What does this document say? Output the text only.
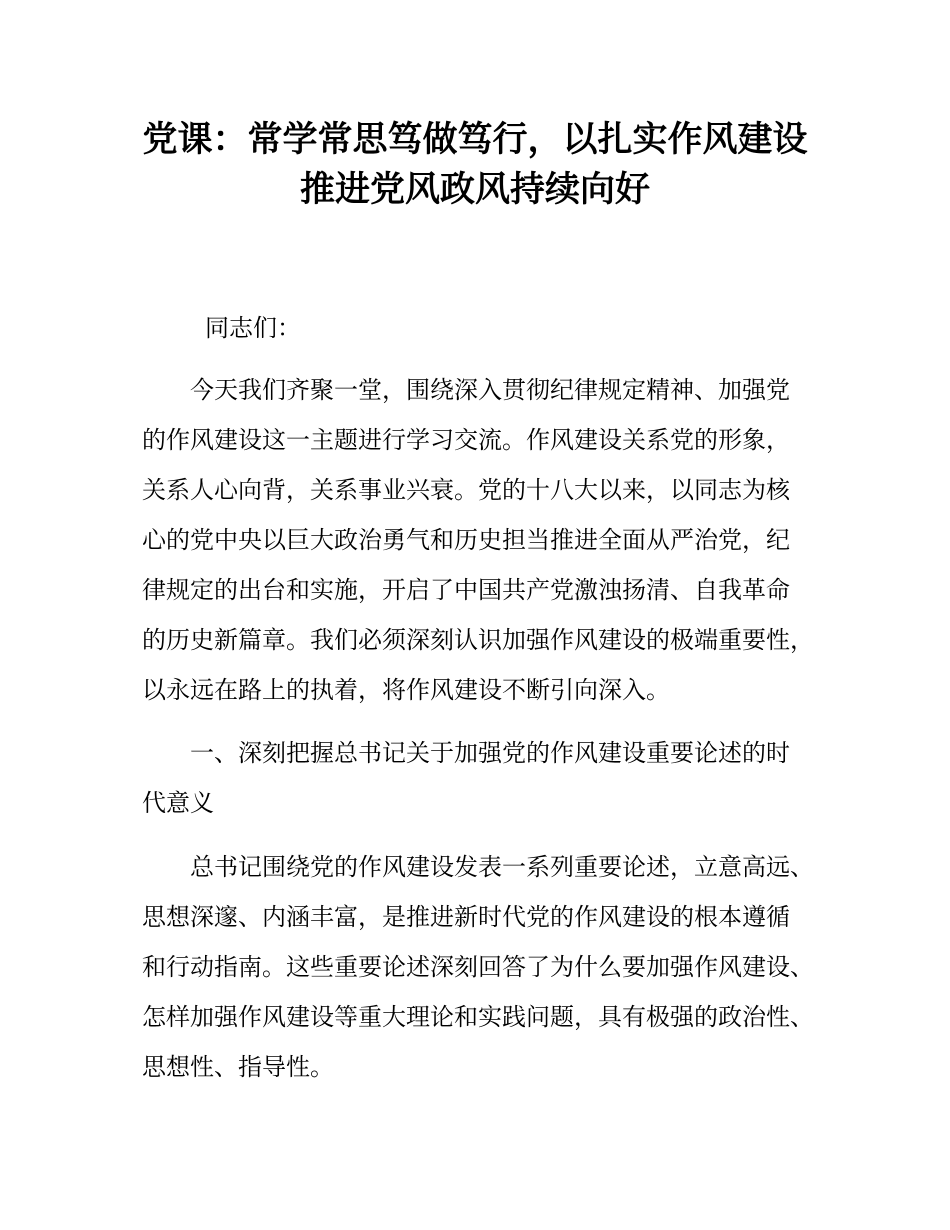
党课：常学常思笃做笃行，以扎实作风建设
推进党风政风持续向好

同志们：

今天我们齐聚一堂，围绕深入贯彻纪律规定精神、加强党

的作风建设这一主题进行学习交流。作风建设关系党的形象，

关系人心向背，关系事业兴衰。党的十八大以来，以同志为核

心的党中央以巨大政治勇气和历史担当推进全面从严治党，纪

律规定的出台和实施，开启了中国共产党激浊扬清、自我革命

的历史新篇章。我们必须深刻认识加强作风建设的极端重要性，

以永远在路上的执着，将作风建设不断引向深入。

一、深刻把握总书记关于加强党的作风建设重要论述的时

代意义

总书记围绕党的作风建设发表一系列重要论述，立意高远、

思想深邃、内涵丰富，是推进新时代党的作风建设的根本遵循

和行动指南。这些重要论述深刻回答了为什么要加强作风建设、

怎样加强作风建设等重大理论和实践问题，具有极强的政治性、

思想性、指导性。
